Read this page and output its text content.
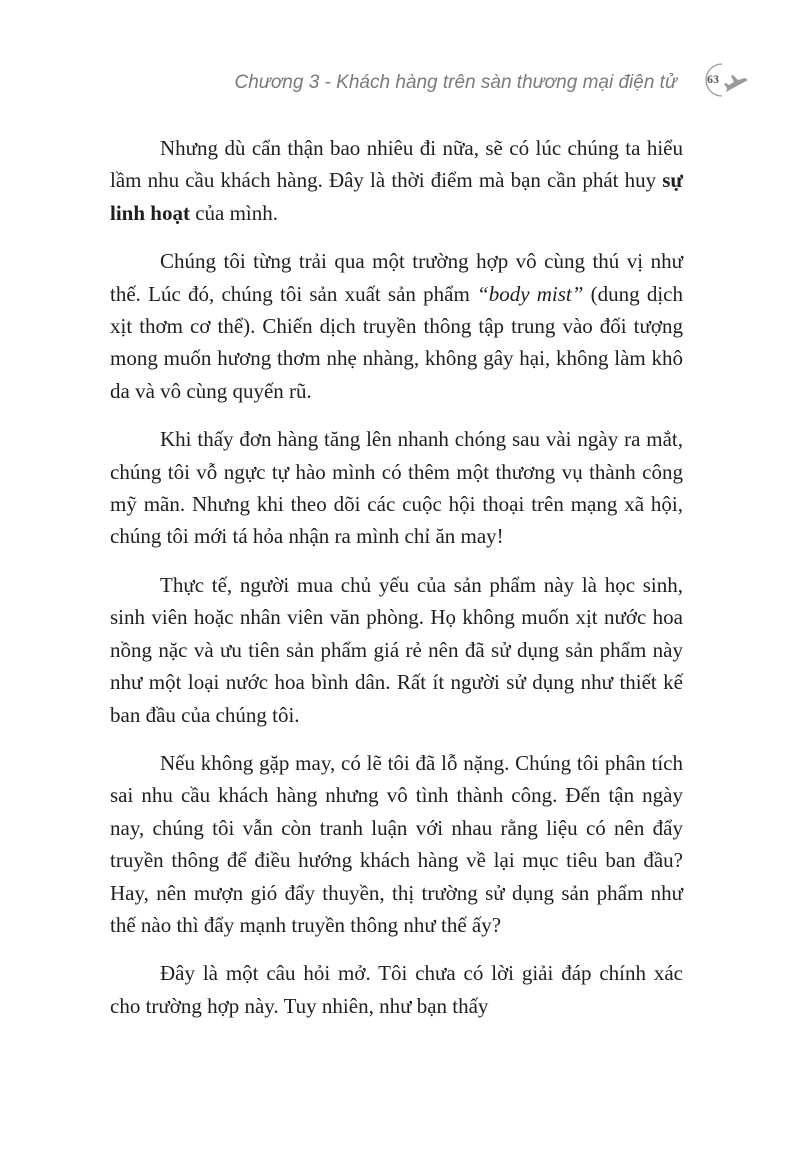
Chương 3 - Khách hàng trên sàn thương mại điện tử	63

Nhưng dù cẩn thận bao nhiêu đi nữa, sẽ có lúc chúng ta hiểu lầm nhu cầu khách hàng. Đây là thời điểm mà bạn cần phát huy sự linh hoạt của mình.

Chúng tôi từng trải qua một trường hợp vô cùng thú vị như thế. Lúc đó, chúng tôi sản xuất sản phẩm “body mist” (dung dịch xịt thơm cơ thể). Chiến dịch truyền thông tập trung vào đối tượng mong muốn hương thơm nhẹ nhàng, không gây hại, không làm khô da và vô cùng quyến rũ.

Khi thấy đơn hàng tăng lên nhanh chóng sau vài ngày ra mắt, chúng tôi vỗ ngực tự hào mình có thêm một thương vụ thành công mỹ mãn. Nhưng khi theo dõi các cuộc hội thoại trên mạng xã hội, chúng tôi mới tá hỏa nhận ra mình chỉ ăn may!

Thực tế, người mua chủ yếu của sản phẩm này là học sinh, sinh viên hoặc nhân viên văn phòng. Họ không muốn xịt nước hoa nồng nặc và ưu tiên sản phẩm giá rẻ nên đã sử dụng sản phẩm này như một loại nước hoa bình dân. Rất ít người sử dụng như thiết kế ban đầu của chúng tôi.

Nếu không gặp may, có lẽ tôi đã lỗ nặng. Chúng tôi phân tích sai nhu cầu khách hàng nhưng vô tình thành công. Đến tận ngày nay, chúng tôi vẫn còn tranh luận với nhau rằng liệu có nên đẩy truyền thông để điều hướng khách hàng về lại mục tiêu ban đầu? Hay, nên mượn gió đẩy thuyền, thị trường sử dụng sản phẩm như thế nào thì đẩy mạnh truyền thông như thế ấy?

Đây là một câu hỏi mở. Tôi chưa có lời giải đáp chính xác cho trường hợp này. Tuy nhiên, như bạn thấy
